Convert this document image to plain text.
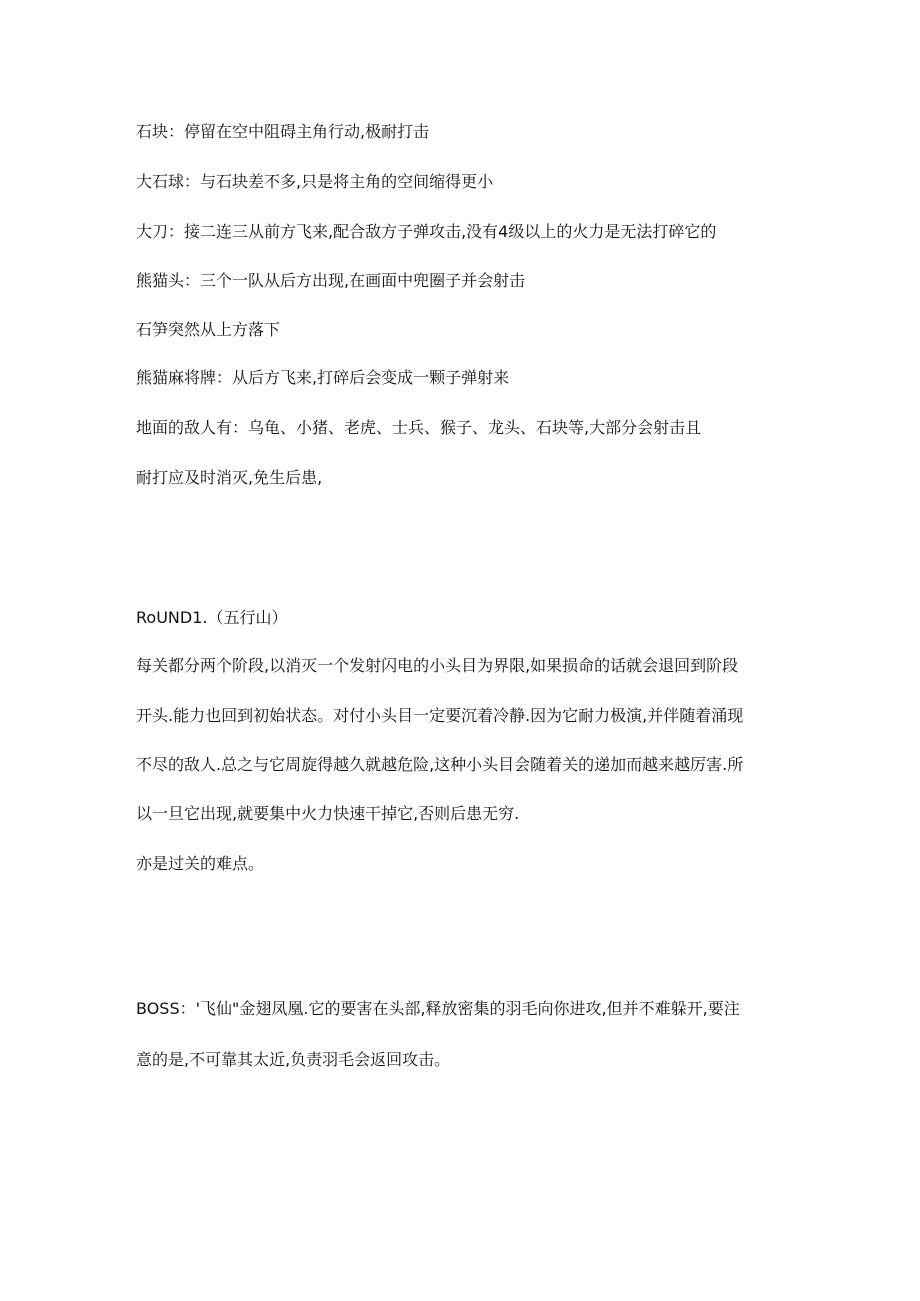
石块：停留在空中阻碍主角行动,极耐打击

大石球：与石块差不多,只是将主角的空间缩得更小

大刀：接二连三从前方飞来,配合敌方子弹攻击,没有4级以上的火力是无法打碎它的

熊猫头：三个一队从后方出现,在画面中兜圈子并会射击

石笋突然从上方落下

熊猫麻将牌：从后方飞来,打碎后会变成一颗子弹射来

地面的敌人有：乌龟、小猪、老虎、士兵、猴子、龙头、石块等,大部分会射击且

耐打应及时消灭,免生后患,

RoUND1.（五行山）

每关都分两个阶段,以消灭一个发射闪电的小头目为界限,如果损命的话就会退回到阶段

开头.能力也回到初始状态。对付小头目一定要沉着冷静.因为它耐力极演,并伴随着涌现

不尽的敌人.总之与它周旋得越久就越危险,这种小头目会随着关的递加而越来越厉害.所

以一旦它出现,就要集中火力快速干掉它,否则后患无穷.

亦是过关的难点。

BOSS：'飞仙"金翅凤凰.它的要害在头部,释放密集的羽毛向你进攻,但并不难躲开,要注

意的是,不可靠其太近,负责羽毛会返回攻击。
